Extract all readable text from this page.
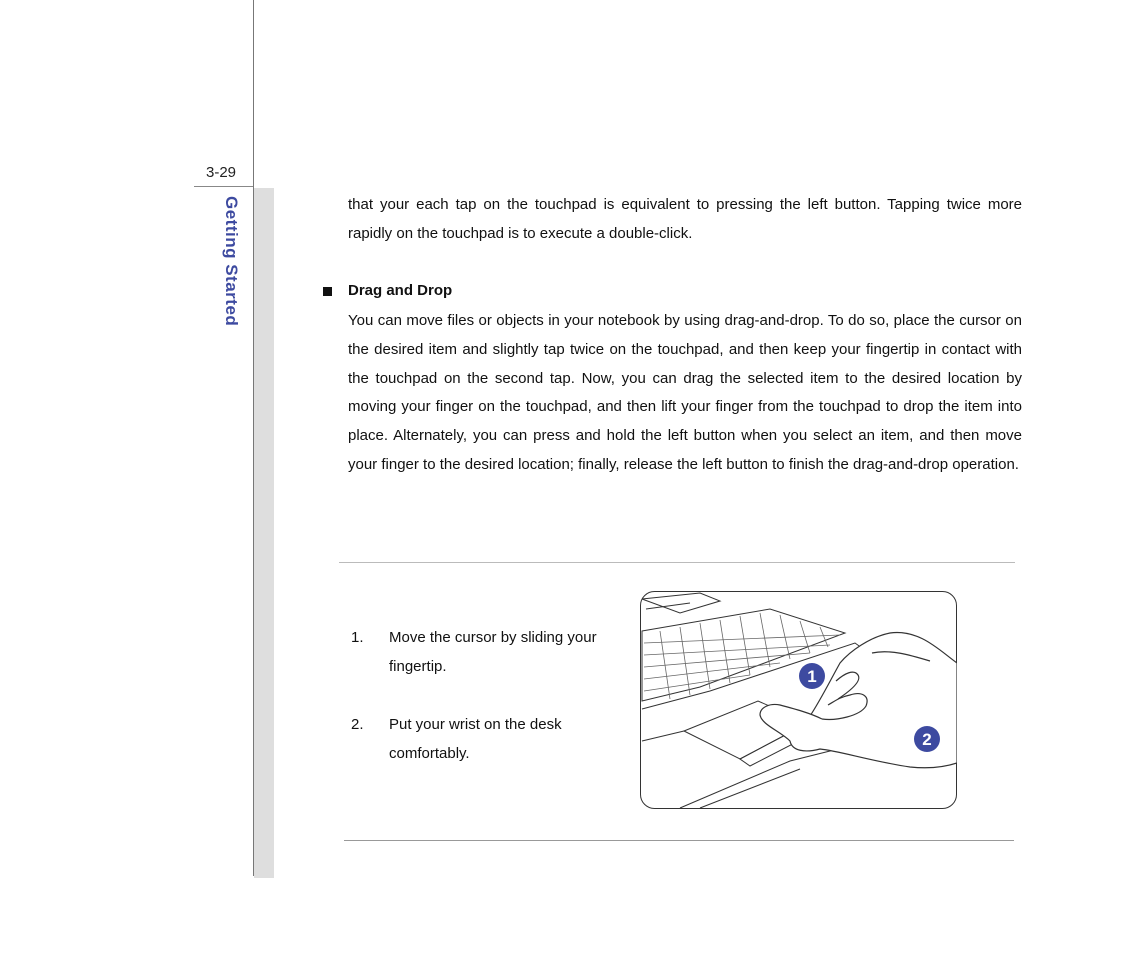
3-29
Getting Started	that your each tap on the touchpad is equivalent to pressing the left button. Tapping twice more rapidly on the touchpad is to execute a double-click.
Drag and Drop
You can move files or objects in your notebook by using drag-and-drop. To do so, place the cursor on the desired item and slightly tap twice on the touchpad, and then keep your fingertip in contact with the touchpad on the second tap. Now, you can drag the selected item to the desired location by moving your finger on the touchpad, and then lift your finger from the touchpad to drop the item into place. Alternately, you can press and hold the left button when you select an item, and then move your finger to the desired location; finally, release the left button to finish the drag-and-drop operation.
1. Move the cursor by sliding your fingertip.
2. Put your wrist on the desk comfortably.
1
2
